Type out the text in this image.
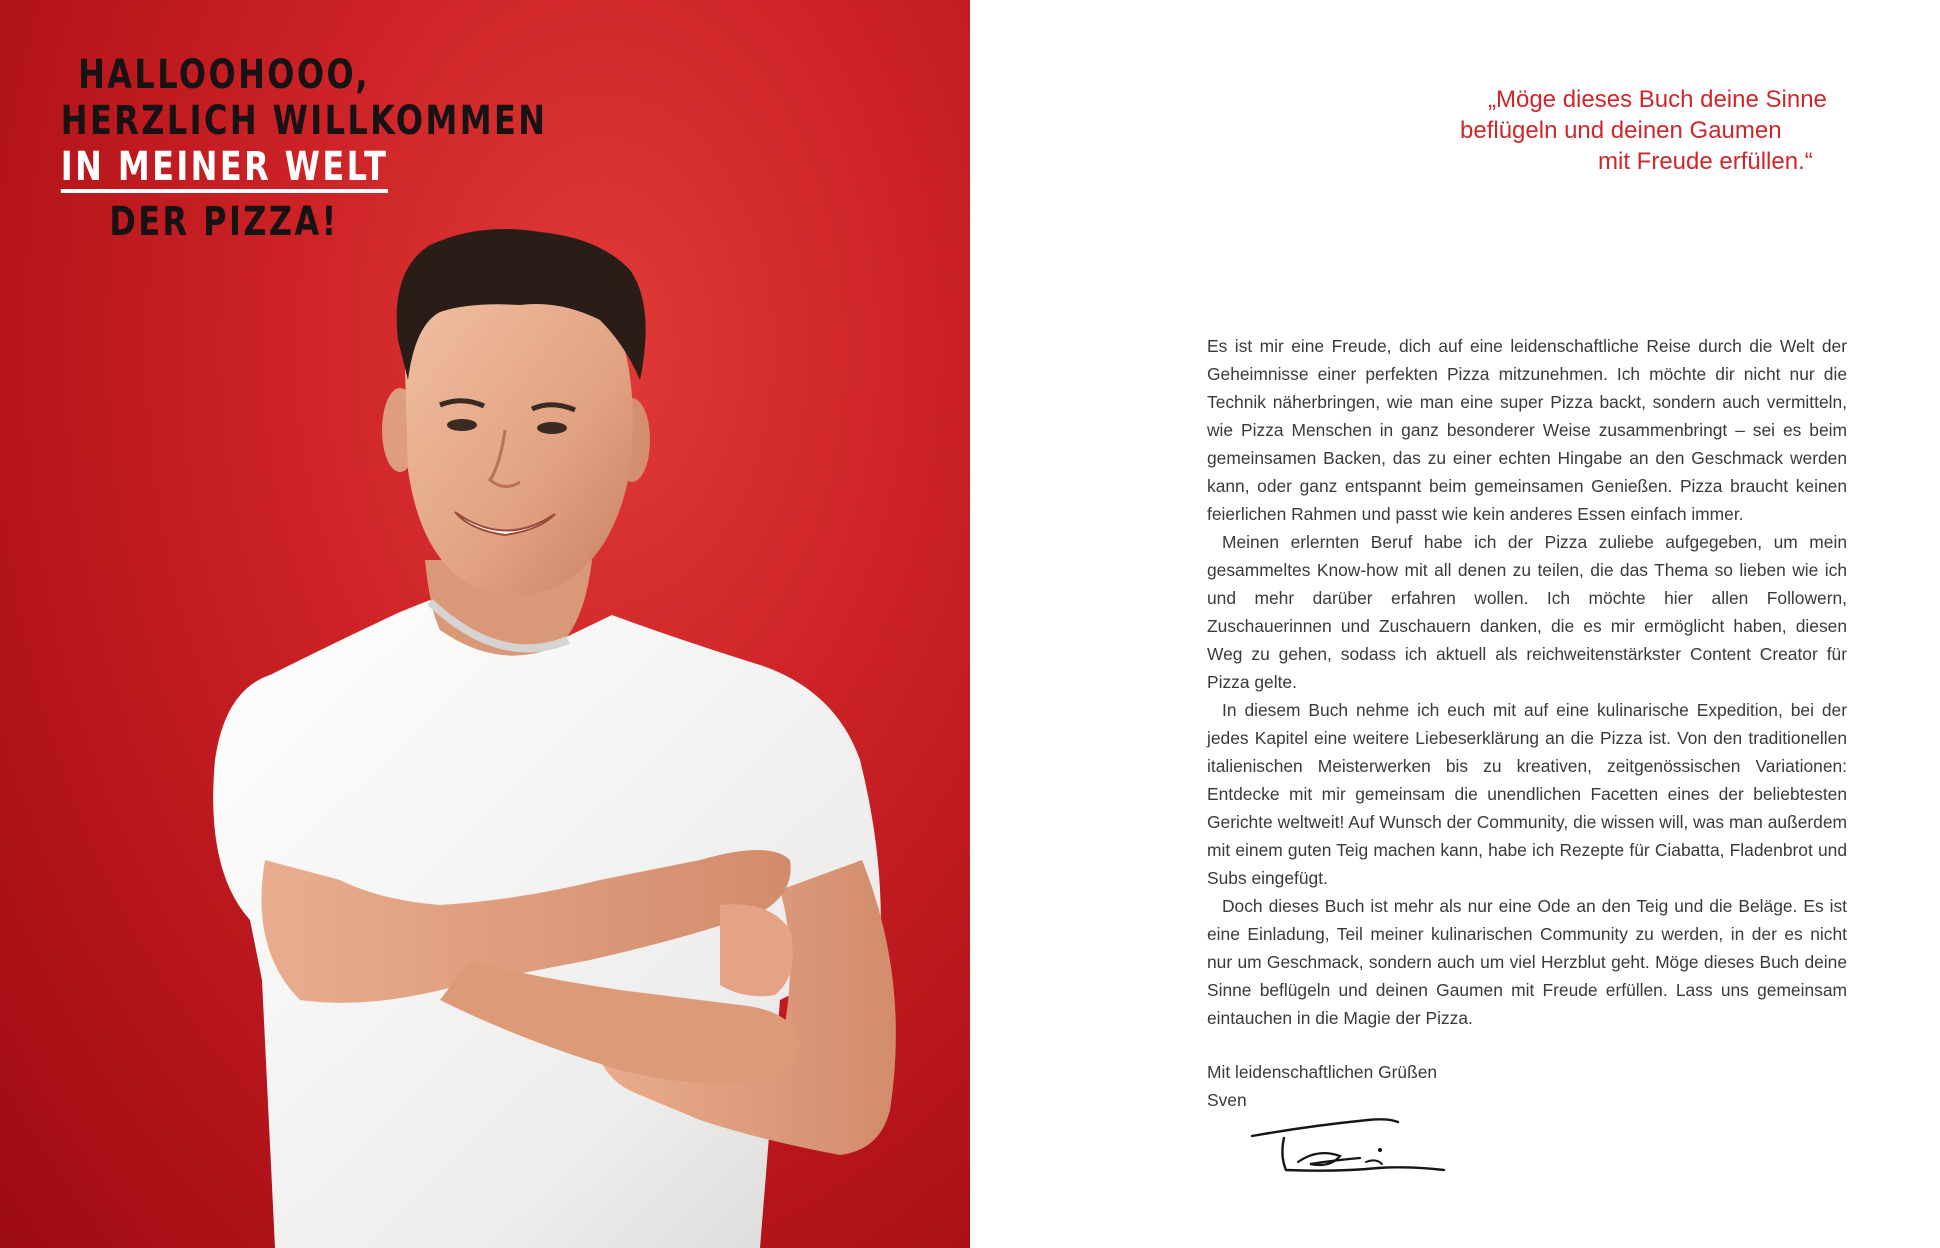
HALLOOHOOO,
HERZLICH WILLKOMMEN
IN MEINER WELT
DER PIZZA!

„Möge dieses Buch deine Sinne
beflügeln und deinen Gaumen
mit Freude erfüllen.“

Es ist mir eine Freude, dich auf eine leidenschaftliche Reise durch die Welt der Geheimnisse einer perfekten Pizza mitzunehmen. Ich möchte dir nicht nur die Technik näherbringen, wie man eine super Pizza backt, sondern auch vermitteln, wie Pizza Menschen in ganz besonderer Weise zusammenbringt – sei es beim gemeinsamen Backen, das zu einer echten Hingabe an den Geschmack werden kann, oder ganz entspannt beim gemeinsamen Genießen. Pizza braucht keinen feierlichen Rahmen und passt wie kein anderes Essen einfach immer.

Meinen erlernten Beruf habe ich der Pizza zuliebe aufgegeben, um mein gesammeltes Know-how mit all denen zu teilen, die das Thema so lieben wie ich und mehr darüber erfahren wollen. Ich möchte hier allen Followern, Zuschauerinnen und Zuschauern danken, die es mir ermöglicht haben, diesen Weg zu gehen, sodass ich aktuell als reichweitenstärkster Content Creator für Pizza gelte.

In diesem Buch nehme ich euch mit auf eine kulinarische Expedition, bei der jedes Kapitel eine weitere Liebeserklärung an die Pizza ist. Von den traditionellen italienischen Meisterwerken bis zu kreativen, zeitgenössischen Variationen: Entdecke mit mir gemeinsam die unendlichen Facetten eines der beliebtesten Gerichte weltweit! Auf Wunsch der Community, die wissen will, was man außerdem mit einem guten Teig machen kann, habe ich Rezepte für Ciabatta, Fladenbrot und Subs eingefügt.

Doch dieses Buch ist mehr als nur eine Ode an den Teig und die Beläge. Es ist eine Einladung, Teil meiner kulinarischen Community zu werden, in der es nicht nur um Geschmack, sondern auch um viel Herzblut geht. Möge dieses Buch deine Sinne beflügeln und deinen Gaumen mit Freude erfüllen. Lass uns gemeinsam eintauchen in die Magie der Pizza.

Mit leidenschaftlichen Grüßen
Sven
